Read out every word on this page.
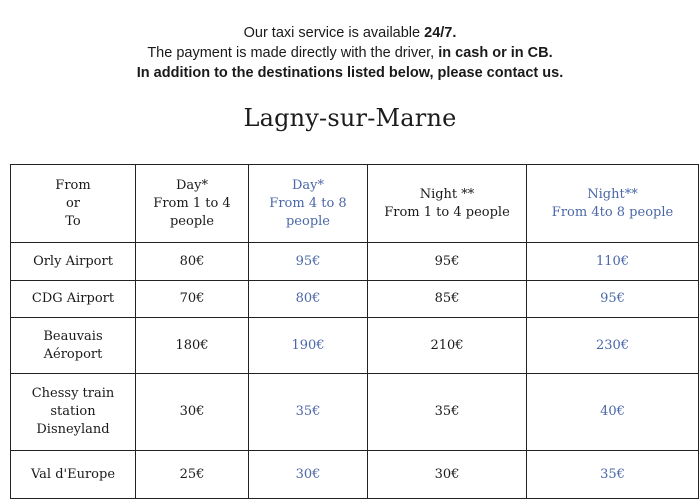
Our taxi service is available 24/7.
The payment is made directly with the driver, in cash or in CB.
In addition to the destinations listed below, please contact us.
Lagny-sur-Marne
From
or
To	Day*
From 1 to 4
people	Day*
From 4 to 8
people	Night **
From 1 to 4 people	Night**
From 4to 8 people
Orly Airport	80€	95€	95€	110€
CDG Airport	70€	80€	85€	95€
Beauvais
Aéroport	180€	190€	210€	230€
Chessy train
station
Disneyland	30€	35€	35€	40€
Val d'Europe	25€	30€	30€	35€
